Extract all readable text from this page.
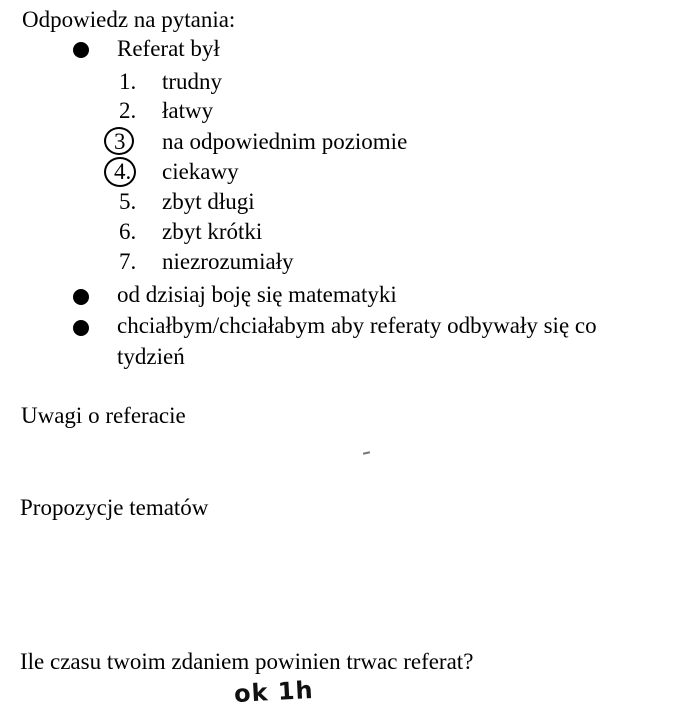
Odpowiedz na pytania:
Referat był
1. trudny
2. łatwy
3 na odpowiednim poziomie
4. ciekawy
5. zbyt długi
6. zbyt krótki
7. niezrozumiały
od dzisiaj boję się matematyki
chciałbym/chciałabym aby referaty odbywały się co
tydzień
Uwagi o referacie
Propozycje tematów
Ile czasu twoim zdaniem powinien trwac referat?
ok 1h
